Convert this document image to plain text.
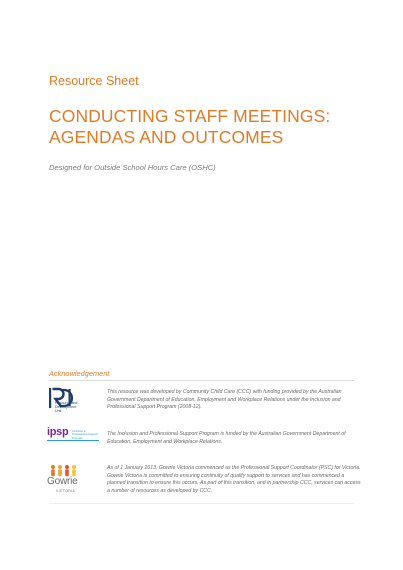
Resource Sheet
CONDUCTING STAFF MEETINGS:
AGENDAS AND OUTCOMES
Designed for Outside School Hours Care (OSHC)
Acknowledgement
Resource and Development Unit
This resource was developed by Community Child Care (CCC) with funding provided by the Australian Government Department of Education, Employment and Workplace Relations under the Inclusion and Professional Support Program (2008-12).
ipsp Inclusion & Professional Support Program
The Inclusion and Professional Support Program is funded by the Australian Government Department of Education, Employment and Workplace Relations.
Gowrie
VICTORIA
As of 1 January 2013, Gowrie Victoria commenced as the Professional Support Coordinator (PSC) for Victoria. Gowrie Victoria is committed to ensuring continuity of quality support to services and has commenced a planned transition to ensure this occurs. As part of this transition, and in partnership CCC, services can access a number of resources as developed by CCC.
